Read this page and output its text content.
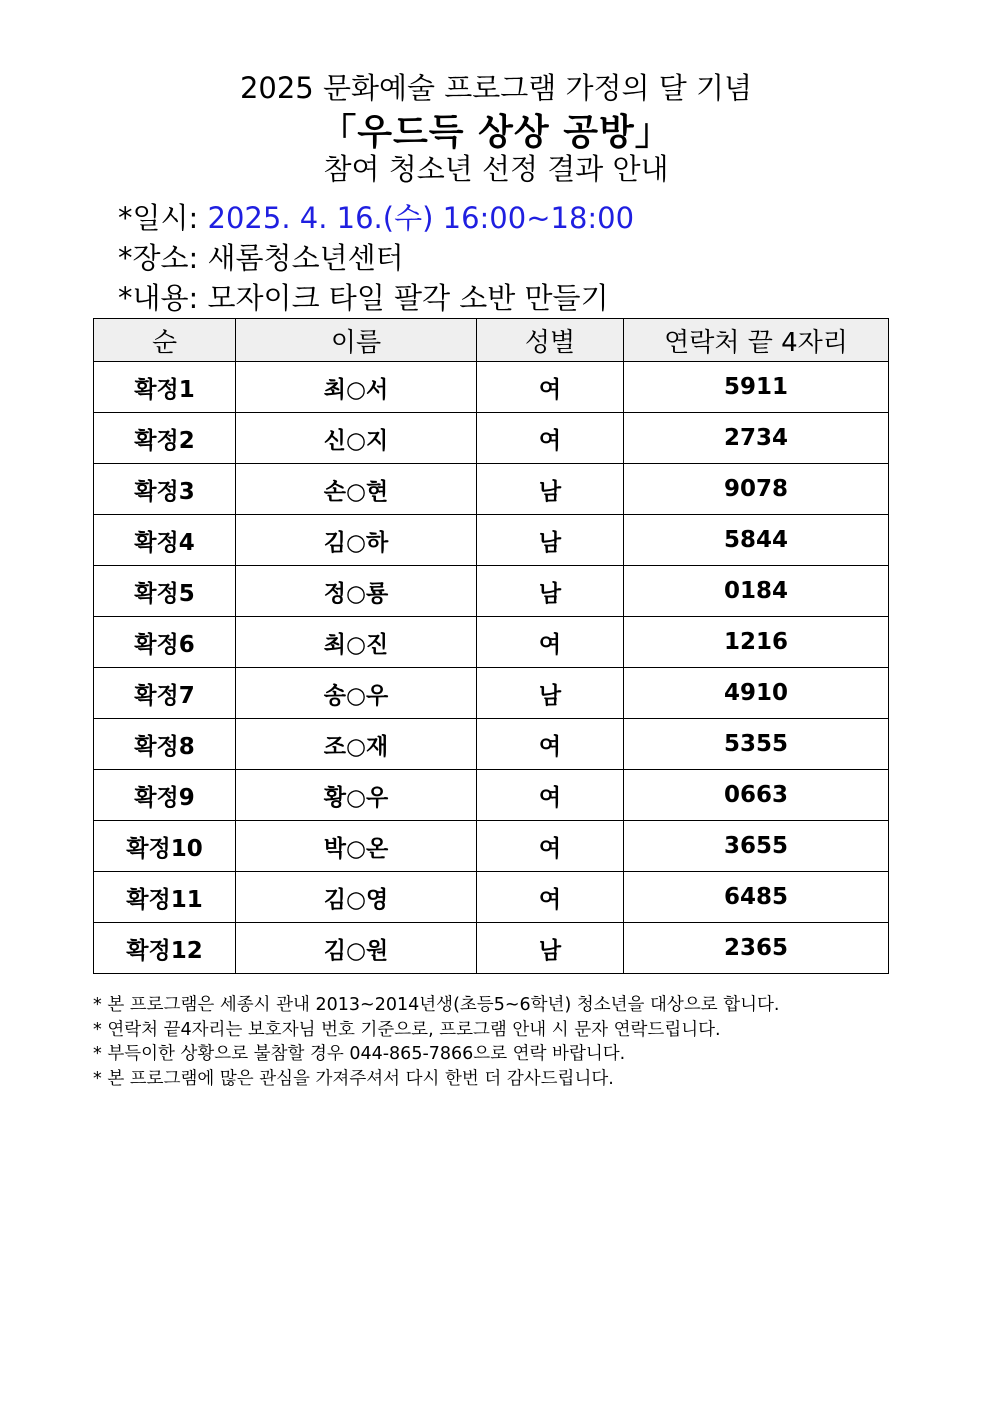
2025 문화예술 프로그램 가정의 달 기념
「우드득 상상 공방」
참여 청소년 선정 결과 안내
*일시: 2025. 4. 16.(수) 16:00~18:00
*장소: 새롬청소년센터
*내용: 모자이크 타일 팔각 소반 만들기
순	이름	성별	연락처 끝 4자리
확정1	최○서	여	5911
확정2	신○지	여	2734
확정3	손○현	남	9078
확정4	김○하	남	5844
확정5	정○룡	남	0184
확정6	최○진	여	1216
확정7	송○우	남	4910
확정8	조○재	여	5355
확정9	황○우	여	0663
확정10	박○온	여	3655
확정11	김○영	여	6485
확정12	김○원	남	2365
* 본 프로그램은 세종시 관내 2013~2014년생(초등5~6학년) 청소년을 대상으로 합니다.
* 연락처 끝4자리는 보호자님 번호 기준으로, 프로그램 안내 시 문자 연락드립니다.
* 부득이한 상황으로 불참할 경우 044-865-7866으로 연락 바랍니다.
* 본 프로그램에 많은 관심을 가져주셔서 다시 한번 더 감사드립니다.
